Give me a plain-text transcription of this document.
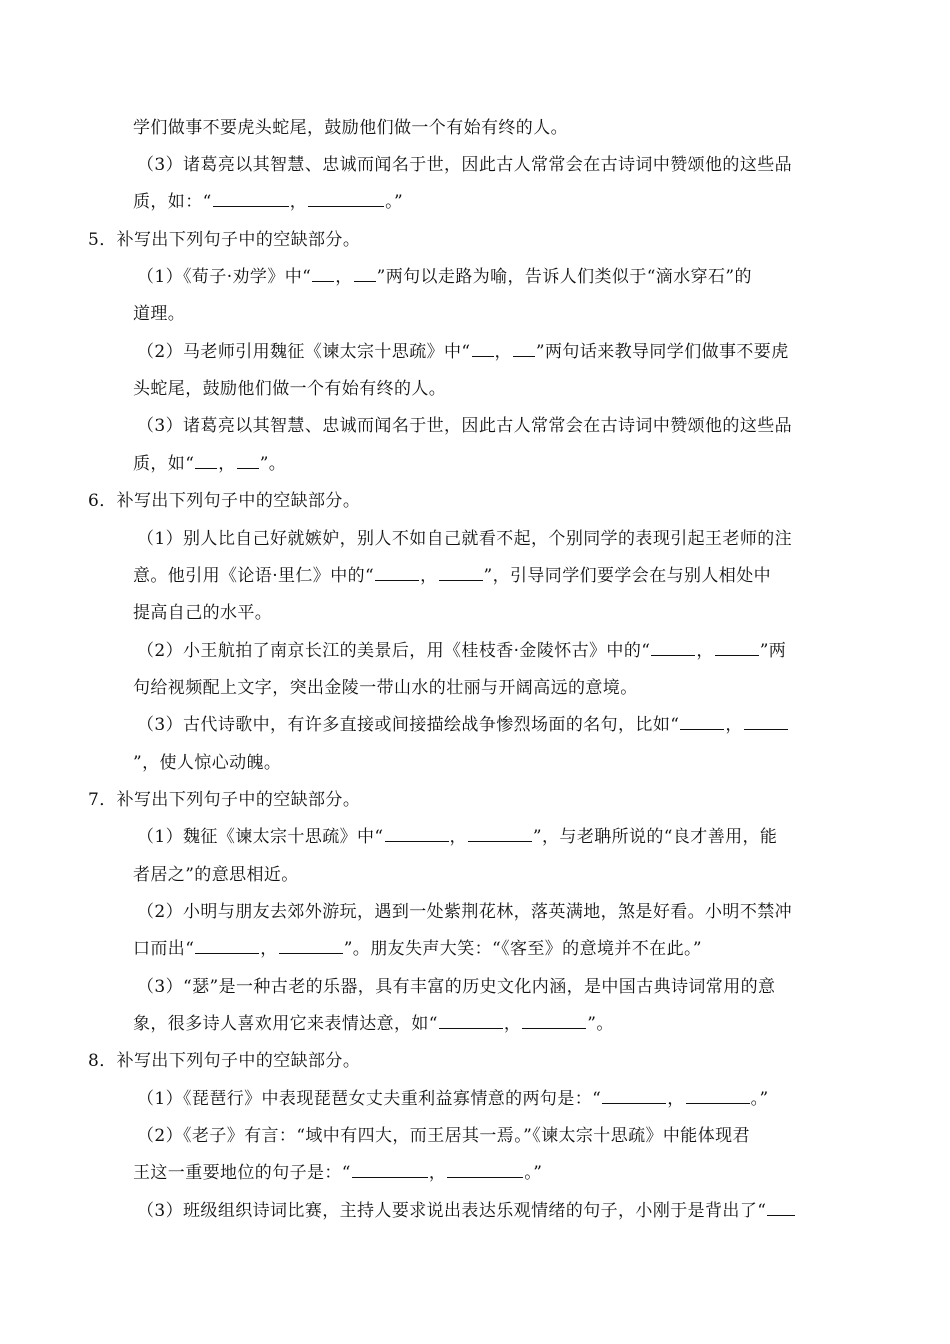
学们做事不要虎头蛇尾，鼓励他们做一个有始有终的人。
（3）诸葛亮以其智慧、忠诚而闻名于世，因此古人常常会在古诗词中赞颂他的这些品
质，如：“	，	。”
5．补写出下列句子中的空缺部分。
（1）《荀子·劝学》中“ ， ”两句以走路为喻，告诉人们类似于“滴水穿石”的
道理。
（2）马老师引用魏征《谏太宗十思疏》中“ ， ”两句话来教导同学们做事不要虎
头蛇尾，鼓励他们做一个有始有终的人。
（3）诸葛亮以其智慧、忠诚而闻名于世，因此古人常常会在古诗词中赞颂他的这些品
质，如“ ， ”。
6．补写出下列句子中的空缺部分。
（1）别人比自己好就嫉妒，别人不如自己就看不起，个别同学的表现引起王老师的注
意。他引用《论语·里仁》中的“	，	”，引导同学们要学会在与别人相处中
提高自己的水平。
（2）小王航拍了南京长江的美景后，用《桂枝香·金陵怀古》中的“	，	”两
句给视频配上文字，突出金陵一带山水的壮丽与开阔高远的意境。
（3）古代诗歌中，有许多直接或间接描绘战争惨烈场面的名句，比如“	，
”，使人惊心动魄。
7．补写出下列句子中的空缺部分。
（1）魏征《谏太宗十思疏》中“	，	”，与老聃所说的“良才善用，能
者居之”的意思相近。
（2）小明与朋友去郊外游玩，遇到一处紫荆花林，落英满地，煞是好看。小明不禁冲
口而出“	，	”。朋友失声大笑：“《客至》的意境并不在此。”
（3）“瑟”是一种古老的乐器，具有丰富的历史文化内涵，是中国古典诗词常用的意
象，很多诗人喜欢用它来表情达意，如“	，	”。
8．补写出下列句子中的空缺部分。
（1）《琵琶行》中表现琵琶女丈夫重利益寡情意的两句是：“	，	。”
（2）《老子》有言：“域中有四大，而王居其一焉。”《谏太宗十思疏》中能体现君
王这一重要地位的句子是：“	，	。”
（3）班级组织诗词比赛，主持人要求说出表达乐观情绪的句子，小刚于是背出了“
